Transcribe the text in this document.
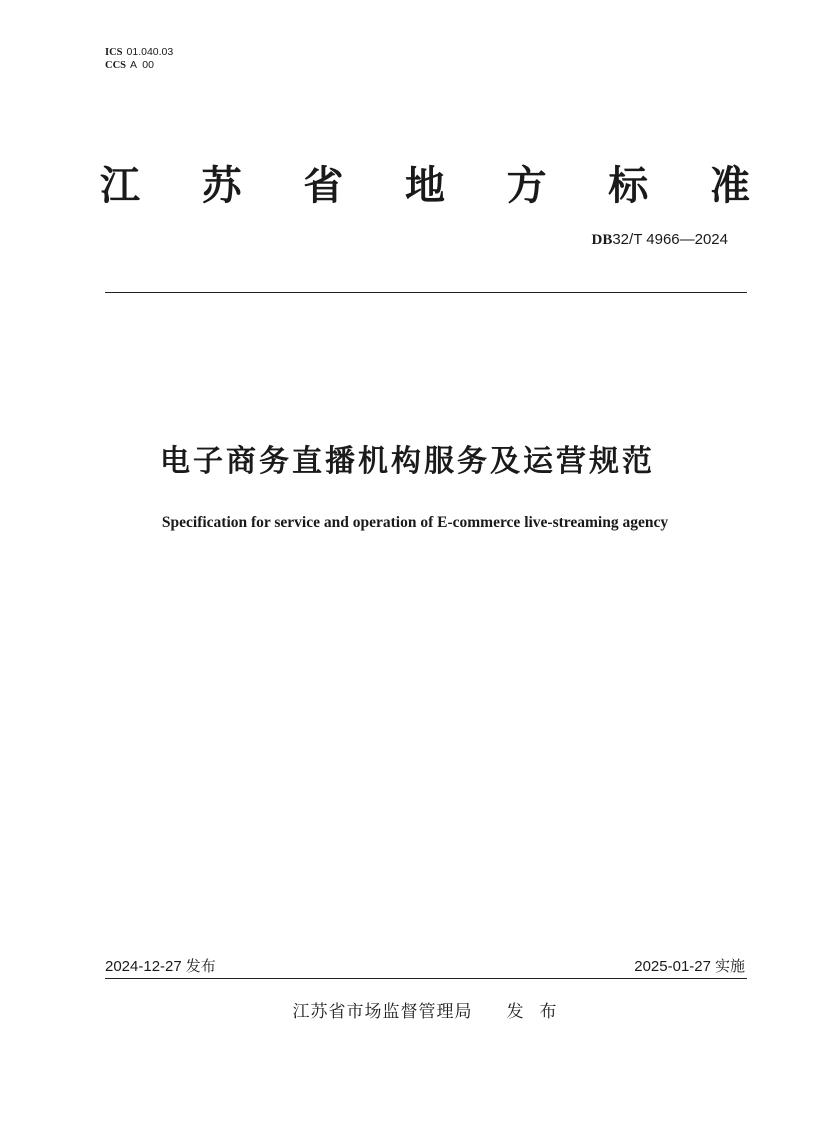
ICS 01.040.03
CCS A  00
江 苏 省 地 方 标 准
DB32/T 4966—2024
电子商务直播机构服务及运营规范
Specification for service and operation of E-commerce live-streaming agency
2024-12-27 发布	2025-01-27 实施
江苏省市场监督管理局 发布
